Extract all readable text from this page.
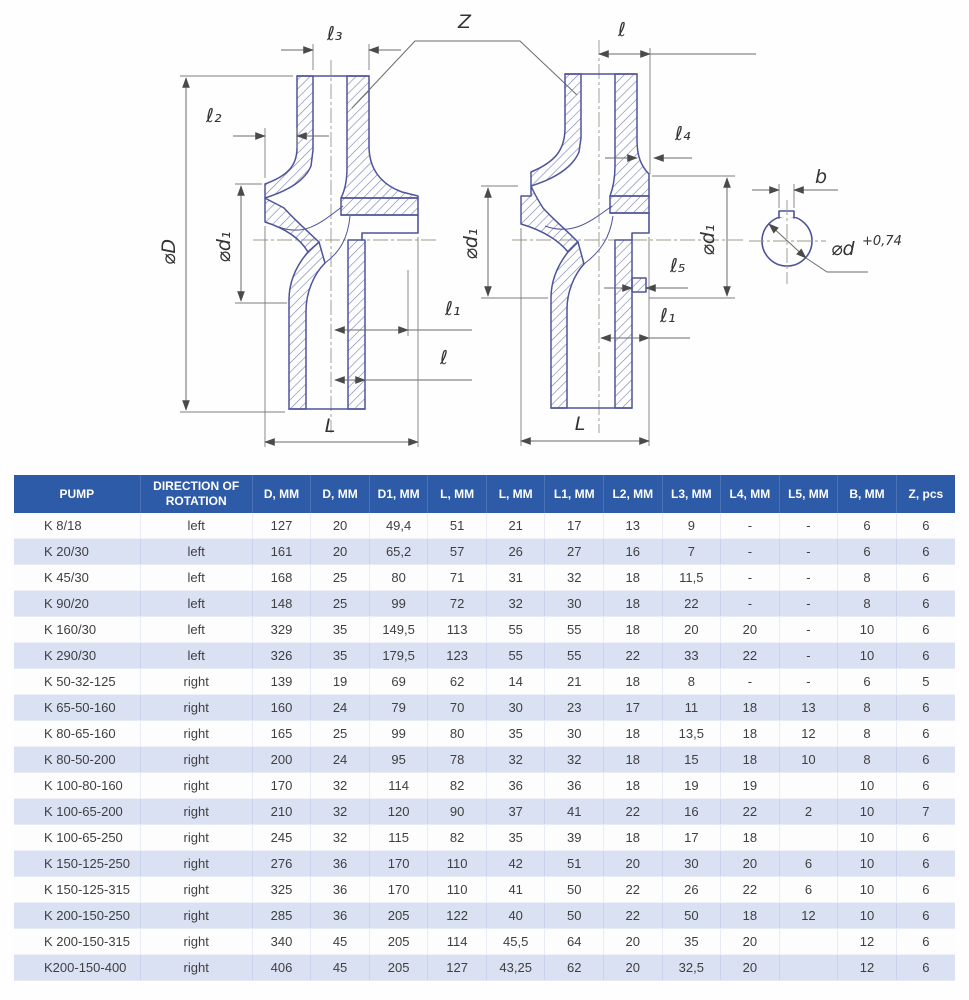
ℓ₃
Z
ℓ₂
⌀D ⌀d₁
ℓ₁
ℓ
L
ℓ
ℓ₄
⌀d₁	⌀d₁
ℓ₅
ℓ₁
L
b
⌀d +0,74
PUMP	DIRECTION OF ROTATION	D, MM	D, MM	D1, MM	L, MM	L, MM	L1, MM	L2, MM	L3, MM	L4, MM	L5, MM	B, MM	Z, pcs
K 8/18	left	127	20	49,4	51	21	17	13	9	-	-	6	6
K 20/30	left	161	20	65,2	57	26	27	16	7	-	-	6	6
K 45/30	left	168	25	80	71	31	32	18	11,5	-	-	8	6
K 90/20	left	148	25	99	72	32	30	18	22	-	-	8	6
K 160/30	left	329	35	149,5	113	55	55	18	20	20	-	10	6
K 290/30	left	326	35	179,5	123	55	55	22	33	22	-	10	6
K 50-32-125	right	139	19	69	62	14	21	18	8	-	-	6	5
K 65-50-160	right	160	24	79	70	30	23	17	11	18	13	8	6
K 80-65-160	right	165	25	99	80	35	30	18	13,5	18	12	8	6
K 80-50-200	right	200	24	95	78	32	32	18	15	18	10	8	6
K 100-80-160	right	170	32	114	82	36	36	18	19	19		10	6
K 100-65-200	right	210	32	120	90	37	41	22	16	22	2	10	7
K 100-65-250	right	245	32	115	82	35	39	18	17	18		10	6
K 150-125-250	right	276	36	170	110	42	51	20	30	20	6	10	6
K 150-125-315	right	325	36	170	110	41	50	22	26	22	6	10	6
K 200-150-250	right	285	36	205	122	40	50	22	50	18	12	10	6
K 200-150-315	right	340	45	205	114	45,5	64	20	35	20		12	6
K200-150-400	right	406	45	205	127	43,25	62	20	32,5	20		12	6
